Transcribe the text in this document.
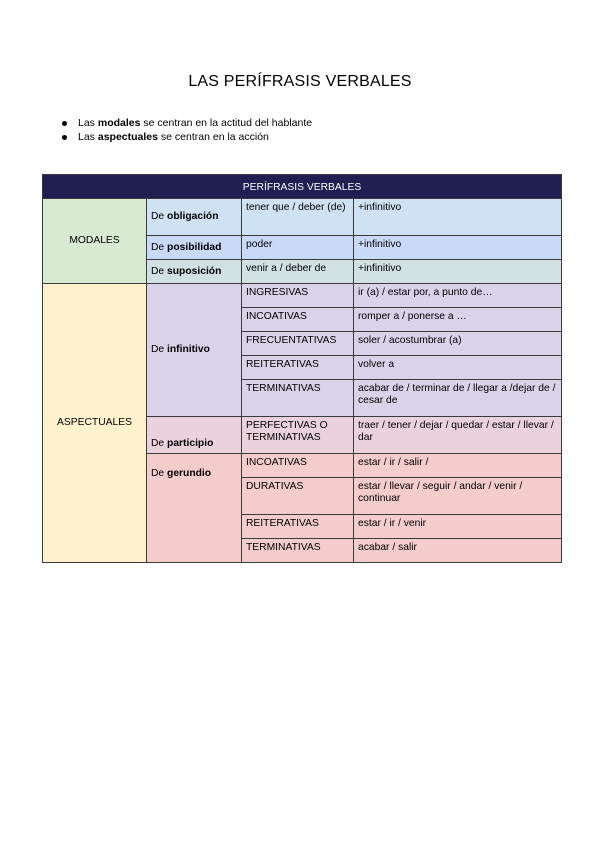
LAS PERÍFRASIS VERBALES
Las modales se centran en la actitud del hablante
Las aspectuales se centran en la acción
PERÍFRASIS VERBALES			
MODALES	De obligación	tener que / deber (de)	+infinitivo
	De posibilidad	poder	+infinitivo
	De suposición	venir a / deber de	+infinitivo
ASPECTUALES	De infinitivo	INGRESIVAS	ir (a) / estar por, a punto de…
		INCOATIVAS	romper a / ponerse a …
		FRECUENTATIVAS	soler / acostumbrar (a)
		REITERATIVAS	volver a
		TERMINATIVAS	acabar de / terminar de / llegar a /dejar de / cesar de
	De participio	PERFECTIVAS O TERMINATIVAS	traer / tener / dejar / quedar / estar / llevar / dar
	De gerundio	INCOATIVAS	estar / ir / salir /
		DURATIVAS	estar / llevar / seguir / andar / venir / continuar
		REITERATIVAS	estar / ir / venir
		TERMINATIVAS	acabar / salir
